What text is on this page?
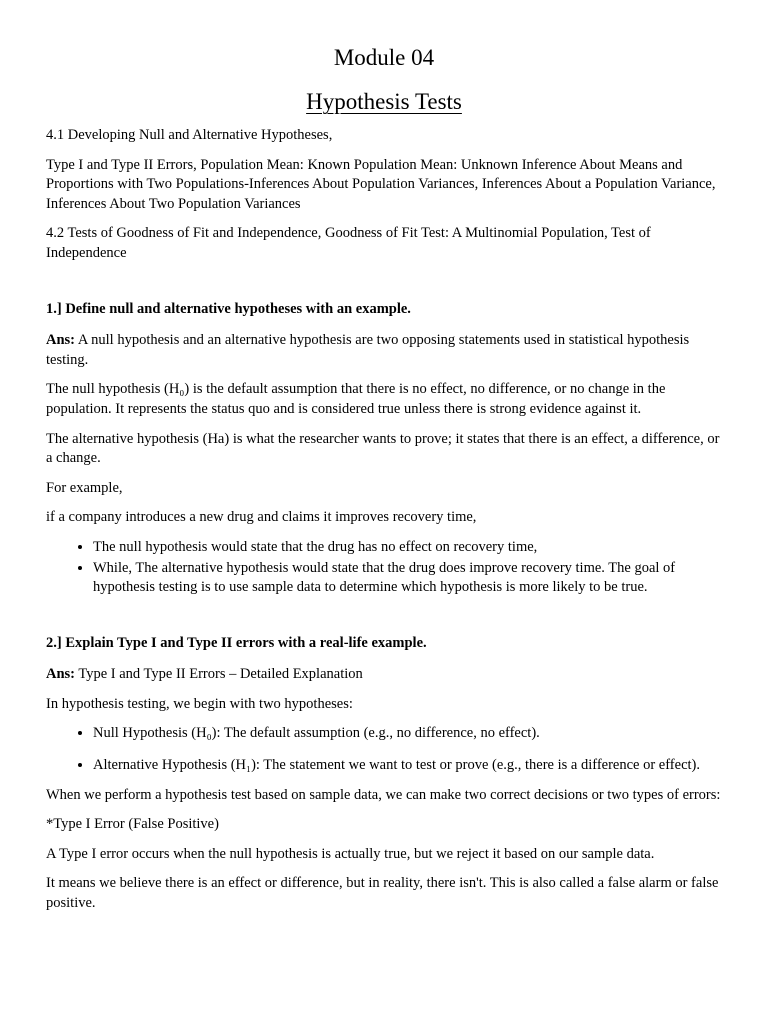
Module 04
Hypothesis Tests

4.1 Developing Null and Alternative Hypotheses,

Type I and Type II Errors, Population Mean: Known Population Mean: Unknown Inference About Means and Proportions with Two Populations-Inferences About Population Variances, Inferences About a Population Variance, Inferences About Two Population Variances

4.2 Tests of Goodness of Fit and Independence, Goodness of Fit Test: A Multinomial Population, Test of Independence

1.] Define null and alternative hypotheses with an example.

Ans: A null hypothesis and an alternative hypothesis are two opposing statements used in statistical hypothesis testing.

The null hypothesis (H₀) is the default assumption that there is no effect, no difference, or no change in the population. It represents the status quo and is considered true unless there is strong evidence against it.

The alternative hypothesis (Ha) is what the researcher wants to prove; it states that there is an effect, a difference, or a change.

For example,

if a company introduces a new drug and claims it improves recovery time,

• The null hypothesis would state that the drug has no effect on recovery time,
• While, The alternative hypothesis would state that the drug does improve recovery time. The goal of hypothesis testing is to use sample data to determine which hypothesis is more likely to be true.

2.] Explain Type I and Type II errors with a real-life example.

Ans: Type I and Type II Errors – Detailed Explanation

In hypothesis testing, we begin with two hypotheses:

• Null Hypothesis (H₀): The default assumption (e.g., no difference, no effect).
• Alternative Hypothesis (H₁): The statement we want to test or prove (e.g., there is a difference or effect).

When we perform a hypothesis test based on sample data, we can make two correct decisions or two types of errors:

*Type I Error (False Positive)

A Type I error occurs when the null hypothesis is actually true, but we reject it based on our sample data.

It means we believe there is an effect or difference, but in reality, there isn't. This is also called a false alarm or false positive.
